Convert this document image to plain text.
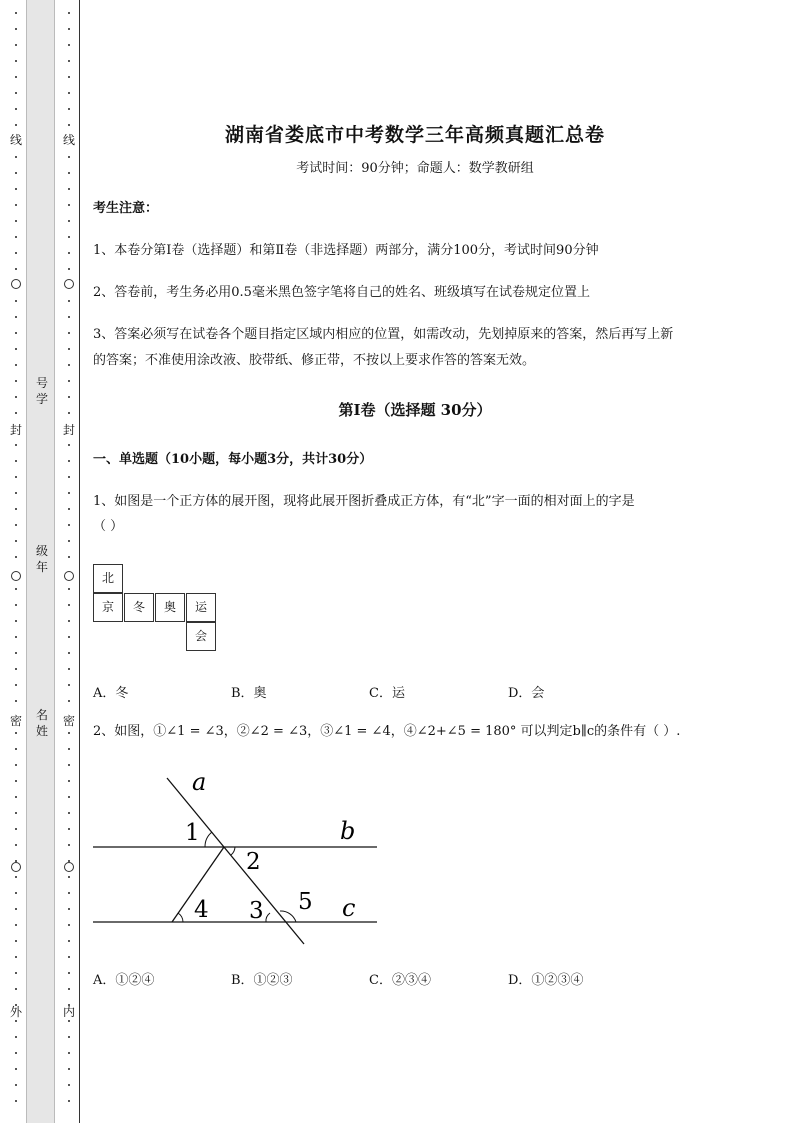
线
封
密
外
线
封
密
内
号学
级年
名姓
湖南省娄底市中考数学三年高频真题汇总卷
考试时间：90分钟；命题人：数学教研组
考生注意：
1、本卷分第I卷（选择题）和第Ⅱ卷（非选择题）两部分，满分100分，考试时间90分钟
2、答卷前，考生务必用0.5毫米黑色签字笔将自己的姓名、班级填写在试卷规定位置上
3、答案必须写在试卷各个题目指定区域内相应的位置，如需改动，先划掉原来的答案，然后再写上新
的答案；不准使用涂改液、胶带纸、修正带，不按以上要求作答的答案无效。
第I卷（选择题 30分）
一、单选题（10小题，每小题3分，共计30分）
1、如图是一个正方体的展开图，现将此展开图折叠成正方体，有“北”字一面的相对面上的字是
（ ）
北
京	冬	奥	运
会
A．冬	B．奥	C．运	D．会
2、如图，①∠1 = ∠3，②∠2 = ∠3，③∠1 = ∠4，④∠2+∠5 = 180° 可以判定b∥c的条件有（ ）.
a
b
c
1
2
3
4	5
A．①②④	B．①②③	C．②③④	D．①②③④
